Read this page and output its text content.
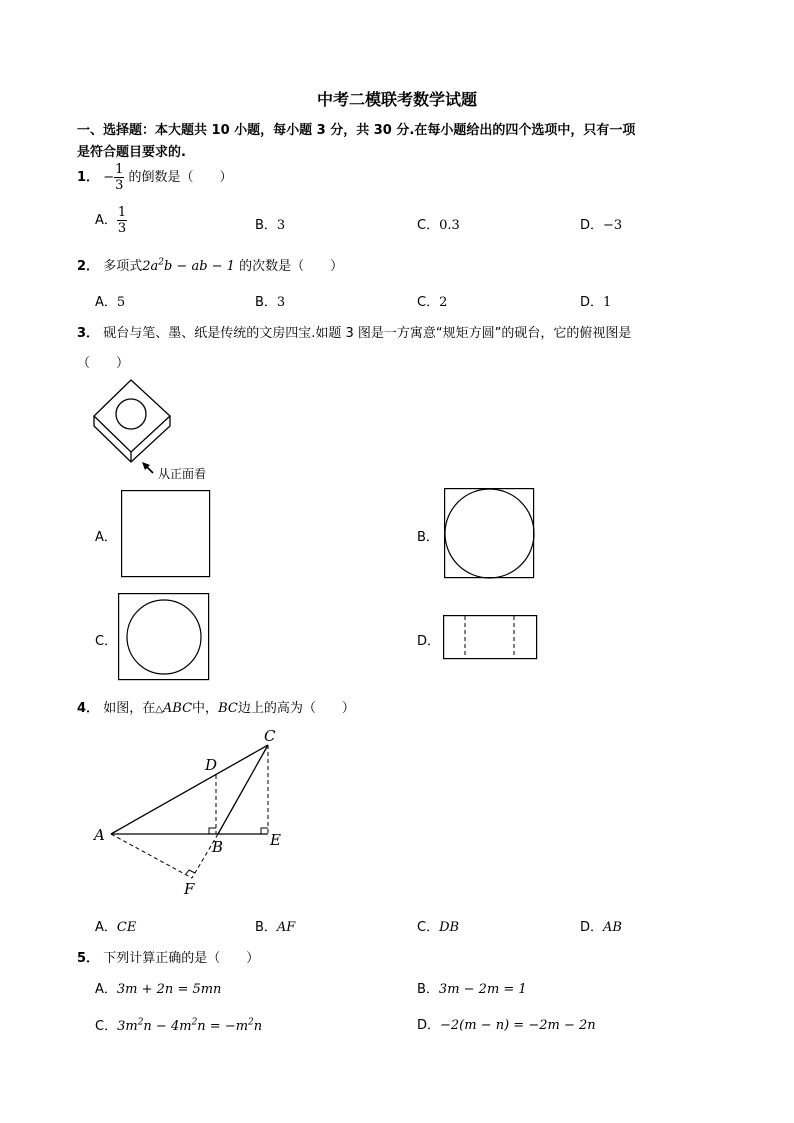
中考二模联考数学试题
一、选择题：本大题共 10 小题，每小题 3 分，共 30 分.在每小题给出的四个选项中，只有一项
是符合题目要求的.
1． − $\frac{1}{3}$ 的倒数是（　　）
A． $\frac{1}{3}$	B．3	C．0.3	D．−3
2． 多项式$2a^2b$ − ab − 1 的次数是（　　）
A．5	B．3	C．2	D．1
3． 砚台与笔、墨、纸是传统的文房四宝.如题 3 图是一方寓意“规矩方圆”的砚台，它的俯视图是
（　　）
从正面看
A．	B．
C．	D．
4． 如图，在△ABC中，BC边上的高为（　　）
C
D
A
B	E
F
A．CE	B．AF	C．DB	D．AB
5． 下列计算正确的是（　　）
A．3m + 2n = 5mn	B．3m − 2m = 1
C．$3m^2n - 4m^2n = -m^2n$	D．−2(m − n) = −2m − 2n
